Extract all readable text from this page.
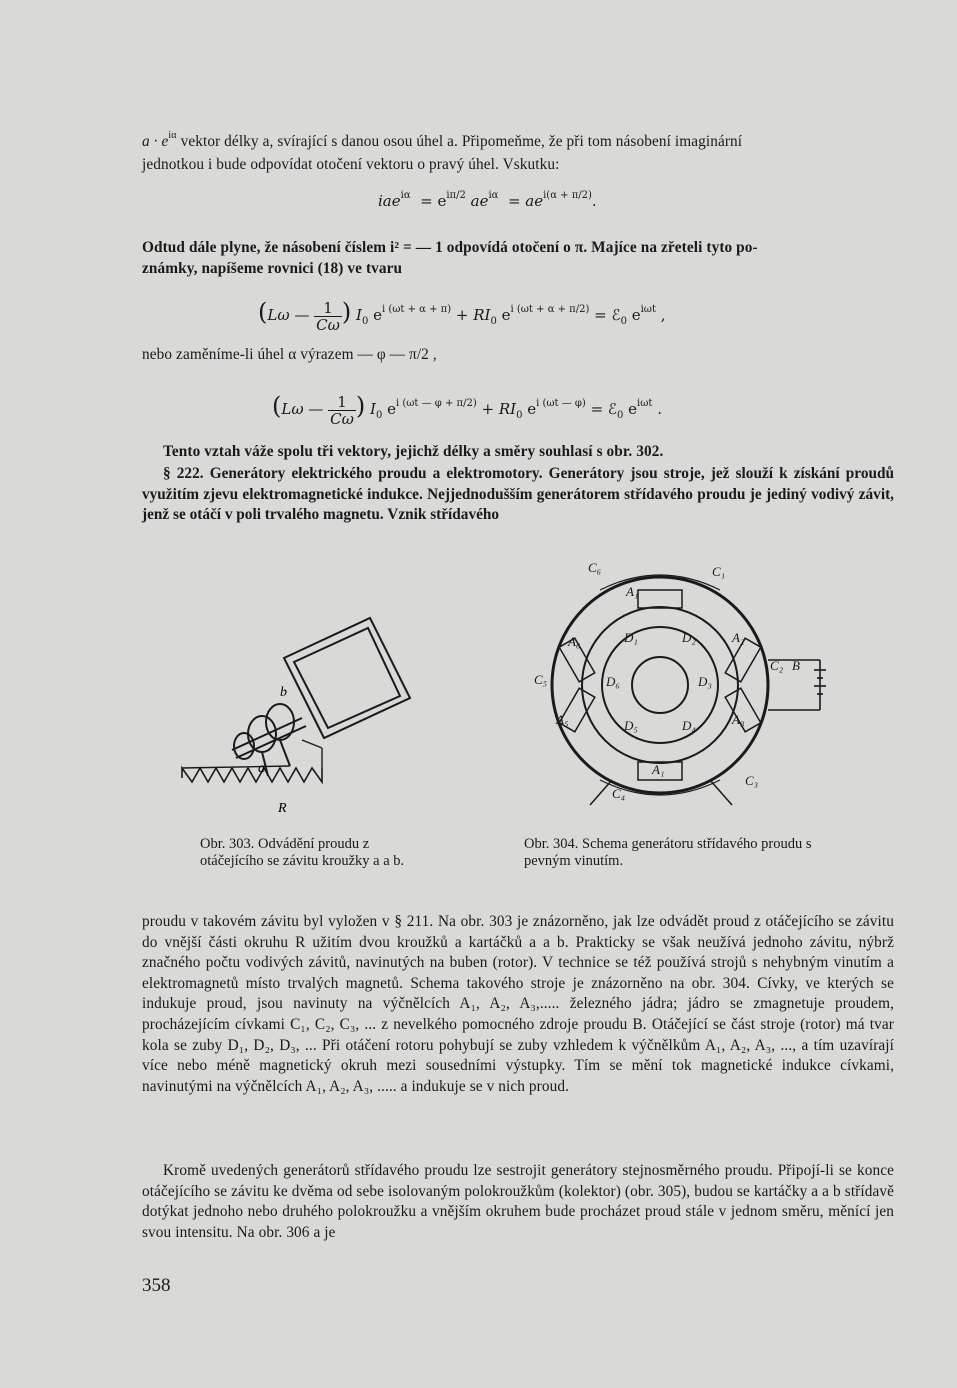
$a \cdot e^{i\alpha}$ vektor délky a, svírající s danou osou úhel a. Připomeňme, že při tom násobení imaginární
jednotkou i bude odpovídat otočení vektoru o pravý úhel. Vskutku:
$iae^{i\alpha} = e^{i\pi/2}$ $ae^{i\alpha} = ae^{i(\alpha + \pi/2)}$.
Odtud dále plyne, že násobení číslem i² = — 1 odpovídá otočení o π. Majíce na zřeteli tyto po-
známky, napíšeme rovnici (18) ve tvaru
(Lω — $\frac{1}{C\omega}$ ) $I_0$ $e^{i (\omega t + \alpha + \pi)} + RI_0$ $e^{i (\omega t + \alpha + \pi/2)}$ = ℰ$_0$ $e^{i\omega t}$ ,
nebo zaměníme-li úhel α výrazem — φ — π/2 ,
(Lω — $\frac{1}{C\omega}$ ) $I_0$ $e^{i (\omega t — \varphi + \pi/2)} + RI_0$ $e^{i (\omega t — \varphi)}$ = ℰ$_0$ $e^{i\omega t}$ .
Tento vztah váže spolu tři vektory, jejichž délky a směry souhlasí s obr. 302.
§ 222. Generátory elektrického proudu a elektromotory. Generátory jsou stroje, jež slouží k získání proudů využitím zjevu elektromagnetické indukce. Nejjednodušším generátorem střídavého proudu je jediný vodivý závit, jenž se otáčí v poli trvalého magnetu. Vznik střídavého
b
a
R
C₆	C₁
C₂ B
C₃
C₄
C₅
A₁
A₂
A₃
A₁
A₅
A₆	D₁	D₂
D₃
D₄
D₅
D₆
Obr. 303. Odvádění proudu z otáčejícího se závitu kroužky a a b.
Obr. 304. Schema generátoru střídavého proudu s pevným vinutím.
proudu v takovém závitu byl vyložen v § 211. Na obr. 303 je znázorněno, jak lze odvádět proud z otáčejícího se závitu do vnější části okruhu R užitím dvou kroužků a kartáčků a a b. Prakticky se však neužívá jednoho závitu, nýbrž značného počtu vodivých závitů, navinutých na buben (rotor). V technice se též používá strojů s nehybným vinutím a elektromagnetů místo trvalých magnetů. Schema takového stroje je znázorněno na obr. 304. Cívky, ve kterých se indukuje proud, jsou navinuty na výčnělcích A₁, A₂, A₃,..... železného jádra; jádro se zmagnetuje proudem, procházejícím cívkami C₁, C₂, C₃, ... z nevelkého pomocného zdroje proudu B. Otáčející se část stroje (rotor) má tvar kola se zuby D₁, D₂, D₃, ... Při otáčení rotoru pohybují se zuby vzhledem k výčnělkům A₁, A₂, A₃, ..., a tím uzavírají více nebo méně magnetický okruh mezi sousedními výstupky. Tím se mění tok magnetické indukce cívkami, navinutými na výčnělcích A₁, A₂, A₃, ..... a indukuje se v nich proud.
Kromě uvedených generátorů střídavého proudu lze sestrojit generátory stejnosměrného proudu. Připojí-li se konce otáčejícího se závitu ke dvěma od sebe isolovaným polokroužkům (kolektor) (obr. 305), budou se kartáčky a a b střídavě dotýkat jednoho nebo druhého polokroužku a vnějším okruhem bude procházet proud stále v jednom směru, měnící jen svou intensitu. Na obr. 306 a je
358
